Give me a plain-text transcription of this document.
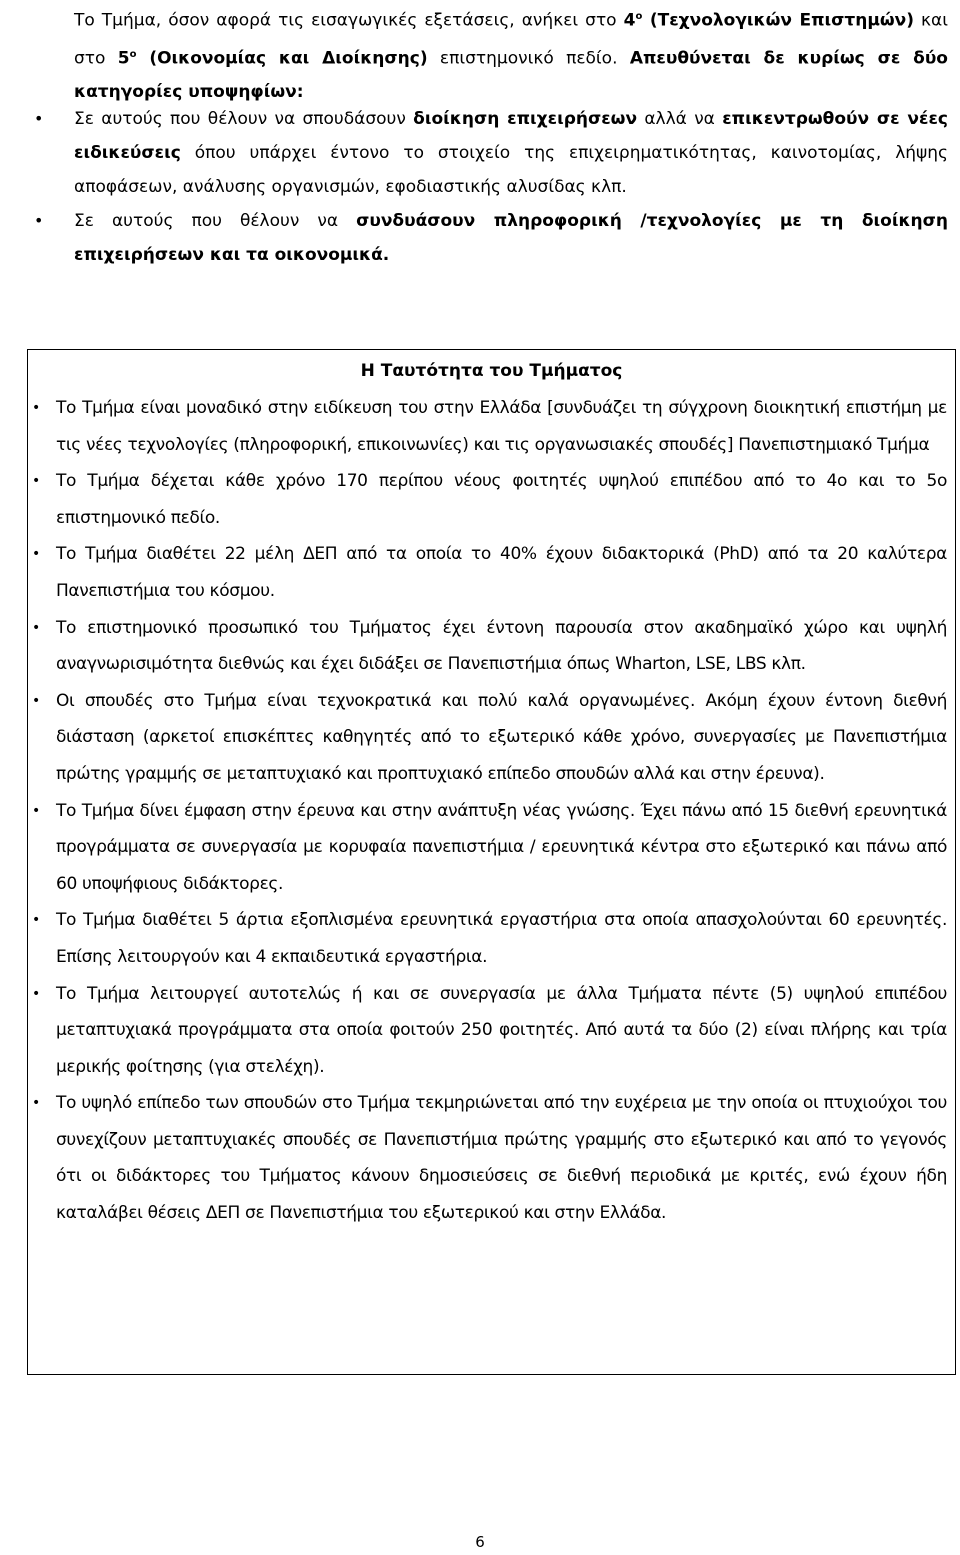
Το Τμήμα, όσον αφορά τις εισαγωγικές εξετάσεις, ανήκει στο $4^o$ (Τεχνολογικών Επιστημών) και στο $5^o$ (Οικονομίας και Διοίκησης) επιστημονικό πεδίο. Απευθύνεται δε κυρίως σε δύο κατηγορίες υποψηφίων:

• Σε αυτούς που θέλουν να σπουδάσουν διοίκηση επιχειρήσεων αλλά να επικεντρωθούν σε νέες ειδικεύσεις όπου υπάρχει έντονο το στοιχείο της επιχειρηματικότητας, καινοτομίας, λήψης αποφάσεων, ανάλυσης οργανισμών, εφοδιαστικής αλυσίδας κλπ.
• Σε αυτούς που θέλουν να συνδυάσουν πληροφορική /τεχνολογίες με τη διοίκηση επιχειρήσεων και τα οικονομικά.
Η Ταυτότητα του Τμήματος
• Το Τμήμα είναι μοναδικό στην ειδίκευση του στην Ελλάδα [συνδυάζει τη σύγχρονη διοικητική επιστήμη με τις νέες τεχνολογίες (πληροφορική, επικοινωνίες) και τις οργανωσιακές σπουδές] Πανεπιστημιακό Τμήμα
• Το Τμήμα δέχεται κάθε χρόνο 170 περίπου νέους φοιτητές υψηλού επιπέδου από το 4ο και το 5ο επιστημονικό πεδίο.
• Το Τμήμα διαθέτει 22 μέλη ΔΕΠ από τα οποία το 40% έχουν διδακτορικά (PhD) από τα 20 καλύτερα Πανεπιστήμια του κόσμου.
• Το επιστημονικό προσωπικό του Τμήματος έχει έντονη παρουσία στον ακαδημαϊκό χώρο και υψηλή αναγνωρισιμότητα διεθνώς και έχει διδάξει σε Πανεπιστήμια όπως Wharton, LSE, LBS κλπ.
• Οι σπουδές στο Τμήμα είναι τεχνοκρατικά και πολύ καλά οργανωμένες. Ακόμη έχουν έντονη διεθνή διάσταση (αρκετοί επισκέπτες καθηγητές από το εξωτερικό κάθε χρόνο, συνεργασίες με Πανεπιστήμια πρώτης γραμμής σε μεταπτυχιακό και προπτυχιακό επίπεδο σπουδών αλλά και στην έρευνα).
• Το Τμήμα δίνει έμφαση στην έρευνα και στην ανάπτυξη νέας γνώσης. Έχει πάνω από 15 διεθνή ερευνητικά προγράμματα σε συνεργασία με κορυφαία πανεπιστήμια / ερευνητικά κέντρα στο εξωτερικό και πάνω από 60 υποψήφιους διδάκτορες.
• Το Τμήμα διαθέτει 5 άρτια εξοπλισμένα ερευνητικά εργαστήρια στα οποία απασχολούνται 60 ερευνητές. Επίσης λειτουργούν και 4 εκπαιδευτικά εργαστήρια.
• Το Τμήμα λειτουργεί αυτοτελώς ή και σε συνεργασία με άλλα Τμήματα πέντε (5) υψηλού επιπέδου μεταπτυχιακά προγράμματα στα οποία φοιτούν 250 φοιτητές. Από αυτά τα δύο (2) είναι πλήρης και τρία μερικής φοίτησης (για στελέχη).
• Το υψηλό επίπεδο των σπουδών στο Τμήμα τεκμηριώνεται από την ευχέρεια με την οποία οι πτυχιούχοι του συνεχίζουν μεταπτυχιακές σπουδές σε Πανεπιστήμια πρώτης γραμμής στο εξωτερικό και από το γεγονός ότι οι διδάκτορες του Τμήματος κάνουν δημοσιεύσεις σε διεθνή περιοδικά με κριτές, ενώ έχουν ήδη καταλάβει θέσεις ΔΕΠ σε Πανεπιστήμια του εξωτερικού και στην Ελλάδα.
6
